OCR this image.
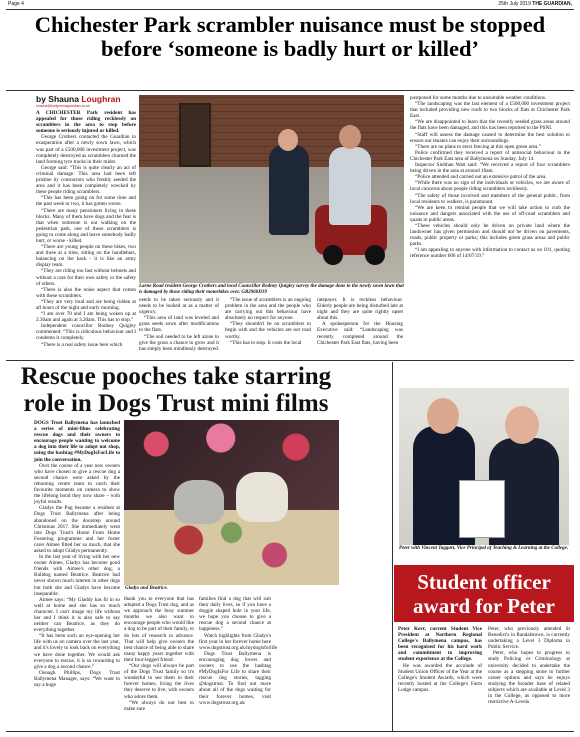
Page 4	25th July 2019 THE GUARDIAN,
Chichester Park scrambler nuisance must be stopped before ‘someone is badly hurt or killed’
by Shauna Loughran
shauna@ballymenaguardian.co.uk

A CHICHESTER Park resident has appealed for those riding recklessly on scramblers in the area to stop before someone is seriously injured or killed.

George Crothers contacted the Guardian in exasperation after a newly sown lawn, which was part of a £500,000 investment project, was completely destroyed as scramblers churned the land forming tyre tracks in their midst.

George said: “This is quite clearly an act of criminal damage. This area had been left pristine by contractors who freshly seeded the area and it has been completely wrecked by these people riding scramblers.

“This has been going on for some time and the past week or two, it has gotten worse.

“There are many pensioners living in these blocks. Many of them have dogs and the fear is that when someone is out walking on the pedestrian path, one of these scramblers is going to come along and leave somebody badly hurt, or worse - killed.

“There are young people on these bikes, two and three at a time, sitting on the handlebars, balancing on the back - it is like an army display team.

“They are riding too fast without helmets and without a care for their own safety or the safety of others.

“There is also the noise aspect that comes with these scramblers.

“They are very loud and are being ridden at all hours of the night and early morning.

“I am over 70 and I am being woken up at 2.30am and again at 3.20am. This has to stop.”

Independent councillor Rodney Quigley commented: “This is ridiculous behaviour and I condemn it completely.

“There is a real safety issue here which

Larne Road resident George Crothers and local Councillor Rodney Quigley survey the damage done to the newly sown lawn that is damaged by those riding their motorbikes over. GB2960D19

needs to be taken seriously and it needs to be looked at as a matter of urgency.

“This area of land was leveled and grass seeds sown after modifications to the flats.

“The soil needed to be left alone to give the grass a chance to grow and it has simply been mindlessly destroyed.

“The issue of scramblers is an ongoing problem in the area and the people who are carrying out this behaviour have absolutely no respect for anyone.

“They shouldn't be on scramblers to begin with and the vehicles are not road worthy.

“This has to stop. It costs the local

ratepayer. It is reckless behaviour. Elderly people are being disturbed late at night and they are quite rightly upset about this.

A spokesperson for the Housing Executive said: “Landscaping was recently completed around the Chichester Park East flats, having been

postponed for some months due to unsuitable weather conditions.

“The landscaping was the last element of a £500,000 investment project that included providing new roofs to two blocks of flats at Chichester Park East.

“We are disappointed to learn that the recently seeded grass areas around the flats have been damaged, and this has been reported to the PSNI.

“Staff will assess the damage caused to determine the best solution to ensure our tenants can enjoy their surroundings.

“There are no plans to erect fencing at this open green area.”

Police confirmed they received a report of antisocial behaviour in the Chichester Park East area of Ballymena on Sunday, July 14.

Inspector Siobhan Watt said: “We received a report of four scramblers being driven in the area at around 10am.

“Police attended and carried out an extensive patrol of the area.

“While there was no sign of the individuals or vehicles, we are aware of local concerns about people riding scramblers recklessly.

“The safety of those involved and members of the general public, from local residents to walkers, is paramount.

“We are keen to remind people that we will take action to curb the nuisance and dangers associated with the use of off-road scramblers and quads in public areas.

“These vehicles should only be driven on private land where the landowner has given permission and should not be driven on pavements, roads, public property or parks; this includes green grass areas and public parks.

“I am appealing to anyone with information to contact us on 101, quoting reference number 606 of 14/07/19.”

Rescue pooches take starring role in Dogs Trust mini films

DOGS Trust Ballymena has launched a series of mini-films celebrating rescue dogs and their owners to encourage people wanting to welcome a dog into their life to adopt not shop, using the hashtag #MyDogIsForLife to join the conversation.

Over the course of a year new owners who have chosen to give a rescue dog a second chance were asked by the rehoming centre team to catch their favourite moments on camera to show the lifelong bond they now share – with joyful results.

Gladys the Pug became a resident at Dogs Trust Ballymena after being abandoned on the doorstep around Christmas 2017. She immediately went into Dogs Trust's Home From Home Fostering programme and her foster carer Aimee fitted her so much, that she asked to adopt Gladys permanently.

In the last year of living with her new owner Aimee, Gladys has become good friends with Aimee's other dog, a Bulldog named Beatrice. Beatrice had never shown much interest in other dogs but both she and Gladys have become inseparable.

Aimee says: “My Gladdy has fit in so well at home and she has so much character. I can't image my life without her and I think it is also safe to say neither can Beatrice, as they do everything together.

“It has been such an eye-opening her life with us on camera over the last year, and it's lovely to look back on everything we have done together. We would ask everyone to rescue, it is so rewarding to give a dog a second chance.”

Oonagh Phillips, Dogs Trust Ballymena Manager, says: “We want to say a huge

Gladys and Beatrice.

thank you to everyone that has adopted a Dogs Trust dog, and as we approach the busy summer months we also want to encourage people who would like a dog to be part of their family, to do lots of research in advance. That will help give owners the best chance of being able to share many happy years together with their four-legged friend.

“Our dogs will always be part of the Dogs Trust family so it's wonderful to see them in their forever homes, living the lives they deserve to live, with owners who adore them.

“We always do our best to make sure

families find a dog that will suit their daily lives, so if you have a doggie shaped hole in your life, we hope you choose to give a rescue dog a second chance at happiness.”

Watch highlights from Gladys's first year in her forever home here www.dogstrust.org.uk/mydogisforlife

Dogs Trust Ballymena is encouraging dog lovers and owners to use the hashtag #MyDogIsFor Life to share their rescue dog stories, tagging @dogstrust. To find out more about all of the dogs waiting for their forever homes, visit www.dogstrust.org.uk

Peter with Vincent Taggart, Vice Principal of Teaching & Learning at the College.
Student officer award for Peter

Peter Kerr, current Student Vice President at Northern Regional College's Ballymena campus, has been recognised for his hard work and commitment to improving student experience at the College.

He was awarded the accolade of Student Union Officer of the Year at the College's Student Awards, which were recently hosted at the College's Farm Lodge campus.

Peter, who previously attended St Benedict's in Randalstown, is currently undertaking a Level 3 Diploma in Public Service.

Peter, who hopes to progress to study Policing or Criminology at university decided to undertake the course as a stepping stone to further career options and says he enjoys studying the broader base of related subjects which are available at Level 3 in the College, as opposed to more restrictive A-Levels.
